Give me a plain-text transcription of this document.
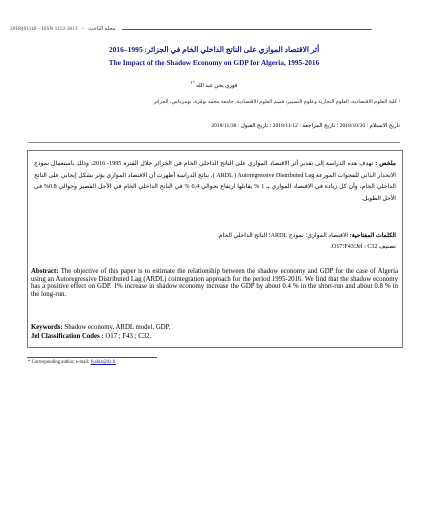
2018|(01)18 – ISSN 1112-3613 – مجلة الباحث
أثر الاقتصاد الموازي على الناتج الداخلي الخام في الجزائر: 1995–2016
The Impact of the Shadow Economy on GDP for Algeria, 1995-2016
فوزي يحي عبد الله $^{*1}$
¹ كلية العلوم الاقتصادية، العلوم التجارية وعلوم التسيير، قسم العلوم الاقتصادية، جامعة محمد بوقرة، بومرداس، الجزائر
تاريخ الاستلام : 2018/10/20 ؛ تاريخ المراجعة : 2018/11/12 ؛ تاريخ القبول : 2018/11/30
ملخص : تهدف هذه الدراسة إلى تقدير أثر الاقتصاد الموازي على الناتج الداخلي الخام في الجزائر خلال الفترة 1995- 2016، وذلك باستعمال نموذج الانحدار الذاتي للفجوات الموزعة ARDL ) Autoregressive Distributed Lag )، نتائج الدراسة أظهرت أن الاقتصاد الموازي يؤثر بشكل إيجابي على الناتج الداخلي الخام، وأن كل زيادة في الاقتصاد الموازي بـ 1 % يقابلها ارتفاع بحوالي 0.4 % في الناتج الداخلي الخام في الأجل القصير وحوالي 0.8% في الأجل الطويل.
الكلمات المفتاحية: الاقتصاد الموازي؛ نموذج ARDL؛ الناتج الداخلي الخام.
تصنيف Jel : C32؛F43؛O17.
Abstract: The objective of this paper is to estimate the relationship between the shadow economy and GDP for the case of Algeria using an Autoregressive Distributed Lag (ARDL) cointegration approach for the period 1995-2016. We find that the shadow economy has a positive effect on GDP. 1% increase in shadow economy increase the GDP by about 0.4 % in the short-run and about 0.8 % in the long-run.
Keywords: Shadow economy, ARDL model, GDP.
Jel Classification Codes : O17 ; F43 ; C32.
* Corresponding author, e-mail: fyahia@dz.fr
